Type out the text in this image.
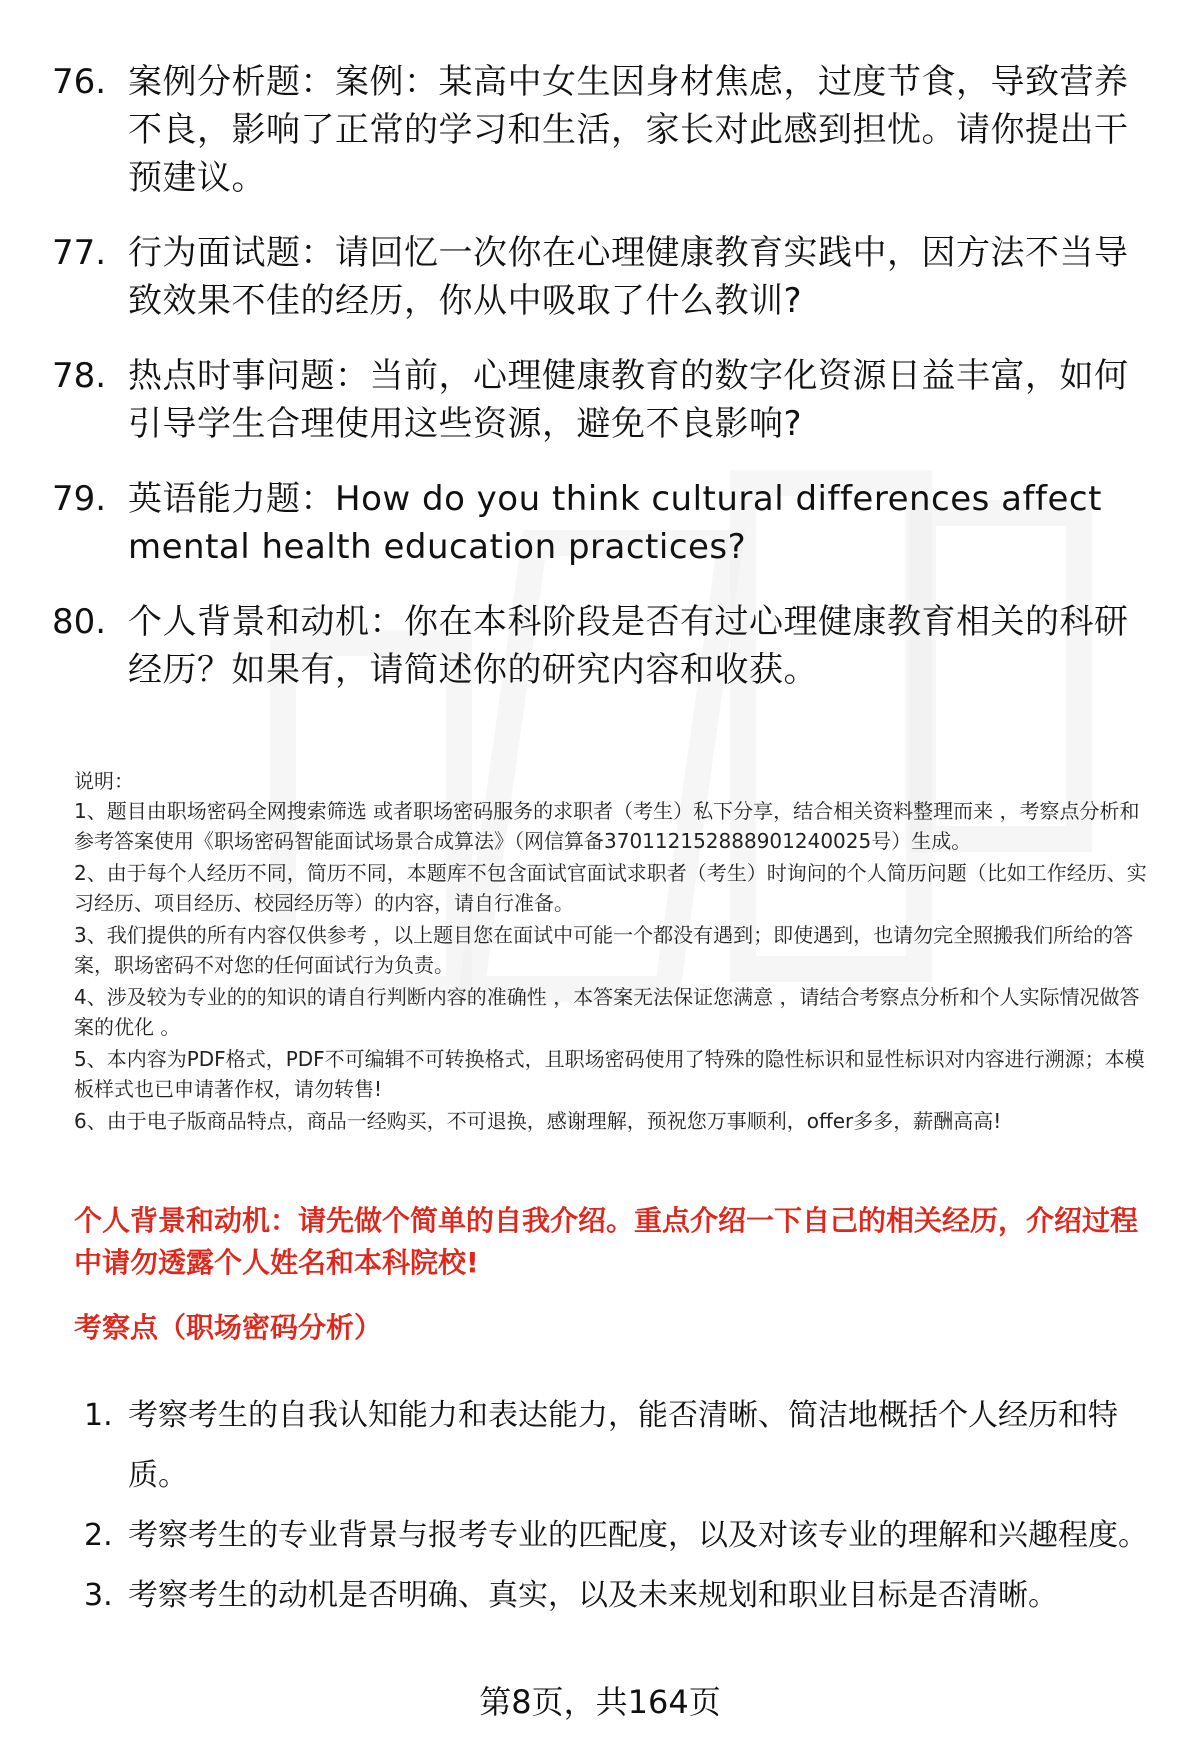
76. 案例分析题：案例：某高中女生因身材焦虑，过度节食，导致营养不良，影响了正常的学习和生活，家长对此感到担忧。请你提出干预建议。
77. 行为面试题：请回忆一次你在心理健康教育实践中，因方法不当导致效果不佳的经历，你从中吸取了什么教训?
78. 热点时事问题：当前，心理健康教育的数字化资源日益丰富，如何引导学生合理使用这些资源，避免不良影响?
79. 英语能力题：How do you think cultural differences affect mental health education practices?
80. 个人背景和动机：你在本科阶段是否有过心理健康教育相关的科研经历？如果有，请简述你的研究内容和收获。

说明：

1、题目由职场密码全网搜索筛选 或者职场密码服务的求职者（考生）私下分享，结合相关资料整理而来 ，考察点分析和参考答案使用《职场密码智能面试场景合成算法》（网信算备370112152888901240025号）生成。

2、由于每个人经历不同，简历不同，本题库不包含面试官面试求职者（考生）时询问的个人简历问题（比如工作经历、实习经历、项目经历、校园经历等）的内容，请自行准备。

3、我们提供的所有内容仅供参考 ，以上题目您在面试中可能一个都没有遇到；即使遇到，也请勿完全照搬我们所给的答案，职场密码不对您的任何面试行为负责。

4、涉及较为专业的的知识的请自行判断内容的准确性 ，本答案无法保证您满意 ，请结合考察点分析和个人实际情况做答案的优化 。

5、本内容为PDF格式，PDF不可编辑不可转换格式，且职场密码使用了特殊的隐性标识和显性标识对内容进行溯源；本模板样式也已申请著作权，请勿转售!

6、由于电子版商品特点，商品一经购买，不可退换，感谢理解，预祝您万事顺利，offer多多，薪酬高高!

个人背景和动机：请先做个简单的自我介绍。重点介绍一下自己的相关经历，介绍过程中请勿透露个人姓名和本科院校!
考察点（职场密码分析）
1. 考察考生的自我认知能力和表达能力，能否清晰、简洁地概括个人经历和特质。
2. 考察考生的专业背景与报考专业的匹配度，以及对该专业的理解和兴趣程度。
3. 考察考生的动机是否明确、真实，以及未来规划和职业目标是否清晰。
第8页，共164页
